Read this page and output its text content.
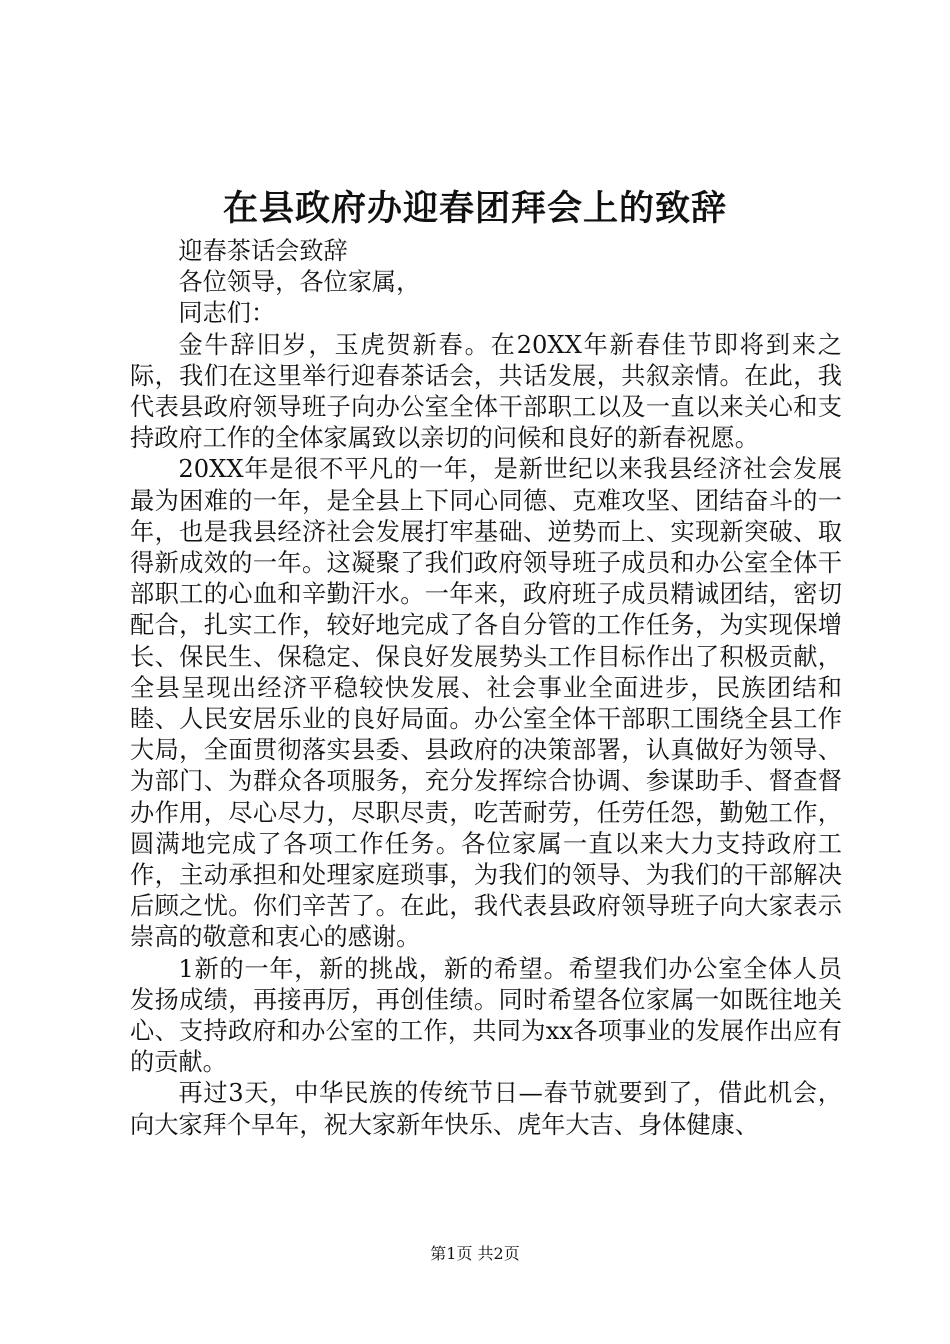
在县政府办迎春团拜会上的致辞

迎春茶话会致辞

各位领导，各位家属，

同志们：

金牛辞旧岁，玉虎贺新春。在20XX年新春佳节即将到来之际，我们在这里举行迎春茶话会，共话发展，共叙亲情。在此，我代表县政府领导班子向办公室全体干部职工以及一直以来关心和支持政府工作的全体家属致以亲切的问候和良好的新春祝愿。

20XX年是很不平凡的一年，是新世纪以来我县经济社会发展最为困难的一年，是全县上下同心同德、克难攻坚、团结奋斗的一年，也是我县经济社会发展打牢基础、逆势而上、实现新突破、取得新成效的一年。这凝聚了我们政府领导班子成员和办公室全体干部职工的心血和辛勤汗水。一年来，政府班子成员精诚团结，密切配合，扎实工作，较好地完成了各自分管的工作任务，为实现保增长、保民生、保稳定、保良好发展势头工作目标作出了积极贡献，全县呈现出经济平稳较快发展、社会事业全面进步，民族团结和睦、人民安居乐业的良好局面。办公室全体干部职工围绕全县工作大局，全面贯彻落实县委、县政府的决策部署，认真做好为领导、为部门、为群众各项服务，充分发挥综合协调、参谋助手、督查督办作用，尽心尽力，尽职尽责，吃苦耐劳，任劳任怨，勤勉工作，圆满地完成了各项工作任务。各位家属一直以来大力支持政府工作，主动承担和处理家庭琐事，为我们的领导、为我们的干部解决后顾之忧。你们辛苦了。在此，我代表县政府领导班子向大家表示崇高的敬意和衷心的感谢。

1新的一年，新的挑战，新的希望。希望我们办公室全体人员发扬成绩，再接再厉，再创佳绩。同时希望各位家属一如既往地关心、支持政府和办公室的工作，共同为xx各项事业的发展作出应有的贡献。

再过3天，中华民族的传统节日—春节就要到了，借此机会，向大家拜个早年，祝大家新年快乐、虎年大吉、身体健康、

第1页 共2页
